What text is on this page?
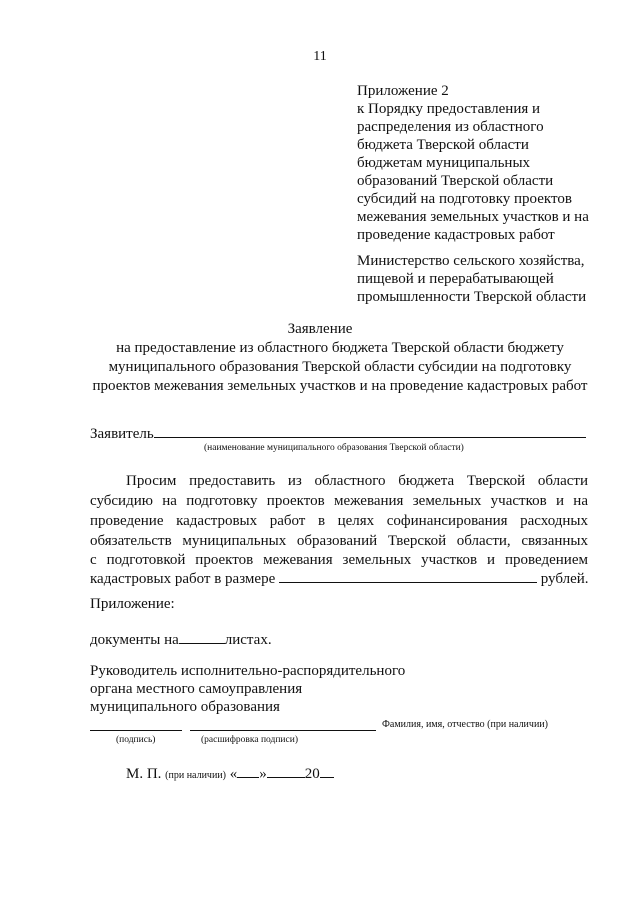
11
Приложение 2
к Порядку предоставления и
распределения из областного
бюджета Тверской области
бюджетам муниципальных
образований Тверской области
субсидий на подготовку проектов
межевания земельных участков и на
проведение кадастровых работ
Министерство сельского хозяйства,
пищевой и перерабатывающей
промышленности Тверской области
Заявление
на предоставление из областного бюджета Тверской области бюджету
муниципального образования Тверской области субсидии на подготовку
проектов межевания земельных участков и на проведение кадастровых работ
Заявитель
(наименование муниципального образования Тверской области)
Просим предоставить из областного бюджета Тверской области
субсидию на подготовку проектов межевания земельных участков и на
проведение кадастровых работ в целях софинансирования расходных
обязательств муниципальных образований Тверской области, связанных
с подготовкой проектов межевания земельных участков и проведением
кадастровых работ в размере	рублей.
Приложение:
документы на	листах.
Руководитель исполнительно-распорядительного
органа местного самоуправления
муниципального образования
Фамилия, имя, отчество (при наличии)
(подпись)	(расшифровка подписи)
М. П. (при наличии) « »	20
